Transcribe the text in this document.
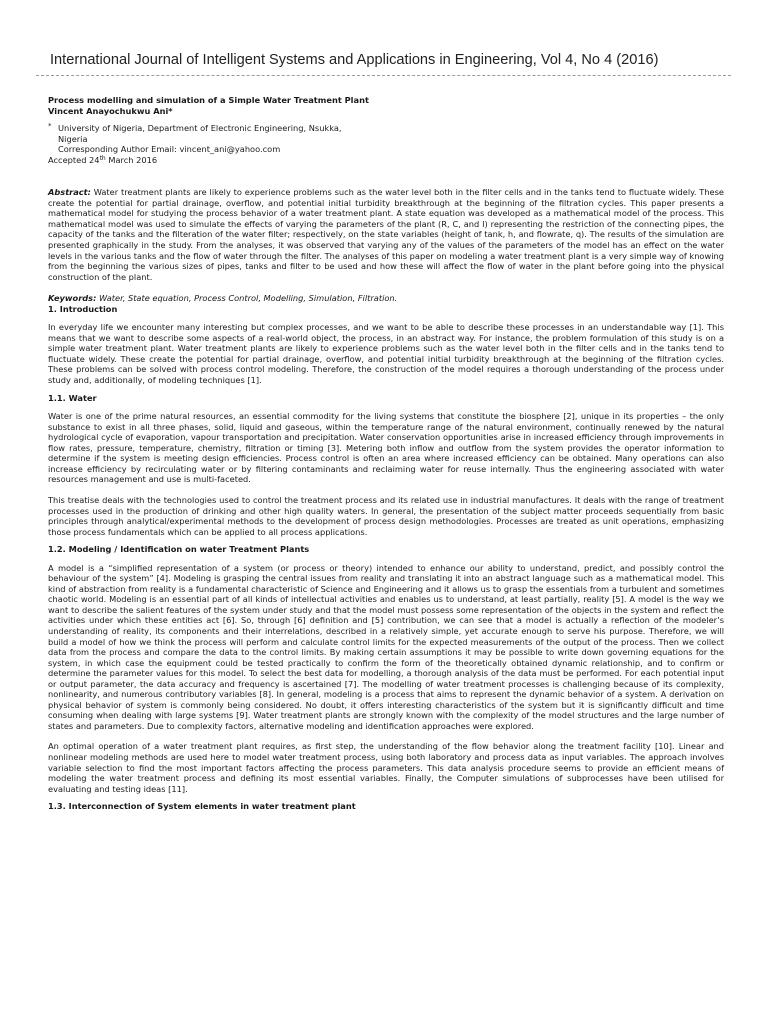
International Journal of Intelligent Systems and Applications in Engineering, Vol 4, No 4 (2016)

Process modelling and simulation of a Simple Water Treatment Plant

Vincent Anayochukwu Ani*

* University of Nigeria, Department of Electronic Engineering, Nsukka,
Nigeria

Corresponding Author Email: vincent_ani@yahoo.com

Accepted 24th March 2016

Abstract: Water treatment plants are likely to experience problems such as the water level both in the filter cells and in the tanks tend to fluctuate widely. These create the potential for partial drainage, overflow, and potential initial turbidity breakthrough at the beginning of the filtration cycles. This paper presents a mathematical model for studying the process behavior of a water treatment plant. A state equation was developed as a mathematical model of the process. This mathematical model was used to simulate the effects of varying the parameters of the plant (R, C, and I) representing the restriction of the connecting pipes, the capacity of the tanks and the filteration of the water filter; respectively, on the state variables (height of tank, h, and flowrate, q). The results of the simulation are presented graphically in the study. From the analyses, it was observed that varying any of the values of the parameters of the model has an effect on the water levels in the various tanks and the flow of water through the filter. The analyses of this paper on modeling a water treatment plant is a very simple way of knowing from the beginning the various sizes of pipes, tanks and filter to be used and how these will affect the flow of water in the plant before going into the physical construction of the plant.

Keywords: Water, State equation, Process Control, Modelling, Simulation, Filtration.

1. Introduction

In everyday life we encounter many interesting but complex processes, and we want to be able to describe these processes in an understandable way [1]. This means that we want to describe some aspects of a real-world object, the process, in an abstract way. For instance, the problem formulation of this study is on a simple water treatment plant. Water treatment plants are likely to experience problems such as the water level both in the filter cells and in the tanks tend to fluctuate widely. These create the potential for partial drainage, overflow, and potential initial turbidity breakthrough at the beginning of the filtration cycles. These problems can be solved with process control modeling. Therefore, the construction of the model requires a thorough understanding of the process under study and, additionally, of modeling techniques [1].

1.1. Water

Water is one of the prime natural resources, an essential commodity for the living systems that constitute the biosphere [2], unique in its properties – the only substance to exist in all three phases, solid, liquid and gaseous, within the temperature range of the natural environment, continually renewed by the natural hydrological cycle of evaporation, vapour transportation and precipitation. Water conservation opportunities arise in increased efficiency through improvements in flow rates, pressure, temperature, chemistry, filtration or timing [3]. Metering both inflow and outflow from the system provides the operator information to determine if the system is meeting design efficiencies. Process control is often an area where increased efficiency can be obtained. Many operations can also increase efficiency by recirculating water or by filtering contaminants and reclaiming water for reuse internally. Thus the engineering associated with water resources management and use is multi-faceted.

This treatise deals with the technologies used to control the treatment process and its related use in industrial manufactures. It deals with the range of treatment processes used in the production of drinking and other high quality waters. In general, the presentation of the subject matter proceeds sequentially from basic principles through analytical/experimental methods to the development of process design methodologies. Processes are treated as unit operations, emphasizing those process fundamentals which can be applied to all process applications.

1.2. Modeling / Identification on water Treatment Plants

A model is a “simplified representation of a system (or process or theory) intended to enhance our ability to understand, predict, and possibly control the behaviour of the system” [4]. Modeling is grasping the central issues from reality and translating it into an abstract language such as a mathematical model. This kind of abstraction from reality is a fundamental characteristic of Science and Engineering and it allows us to grasp the essentials from a turbulent and sometimes chaotic world. Modeling is an essential part of all kinds of intellectual activities and enables us to understand, at least partially, reality [5]. A model is the way we want to describe the salient features of the system under study and that the model must possess some representation of the objects in the system and reflect the activities under which these entities act [6]. So, through [6] definition and [5] contribution, we can see that a model is actually a reflection of the modeler’s understanding of reality, its components and their interrelations, described in a relatively simple, yet accurate enough to serve his purpose. Therefore, we will build a model of how we think the process will perform and calculate control limits for the expected measurements of the output of the process. Then we collect data from the process and compare the data to the control limits. By making certain assumptions it may be possible to write down governing equations for the system, in which case the equipment could be tested practically to confirm the form of the theoretically obtained dynamic relationship, and to confirm or determine the parameter values for this model. To select the best data for modelling, a thorough analysis of the data must be performed. For each potential input or output parameter, the data accuracy and frequency is ascertained [7]. The modelling of water treatment processes is challenging because of its complexity, nonlinearity, and numerous contributory variables [8]. In general, modeling is a process that aims to represent the dynamic behavior of a system. A derivation on physical behavior of system is commonly being considered. No doubt, it offers interesting characteristics of the system but it is significantly difficult and time consuming when dealing with large systems [9]. Water treatment plants are strongly known with the complexity of the model structures and the large number of states and parameters. Due to complexity factors, alternative modeling and identification approaches were explored.

An optimal operation of a water treatment plant requires, as first step, the understanding of the flow behavior along the treatment facility [10]. Linear and nonlinear modeling methods are used here to model water treatment process, using both laboratory and process data as input variables. The approach involves variable selection to find the most important factors affecting the process parameters. This data analysis procedure seems to provide an efficient means of modeling the water treatment process and defining its most essential variables. Finally, the Computer simulations of subprocesses have been utilised for evaluating and testing ideas [11].

1.3. Interconnection of System elements in water treatment plant
